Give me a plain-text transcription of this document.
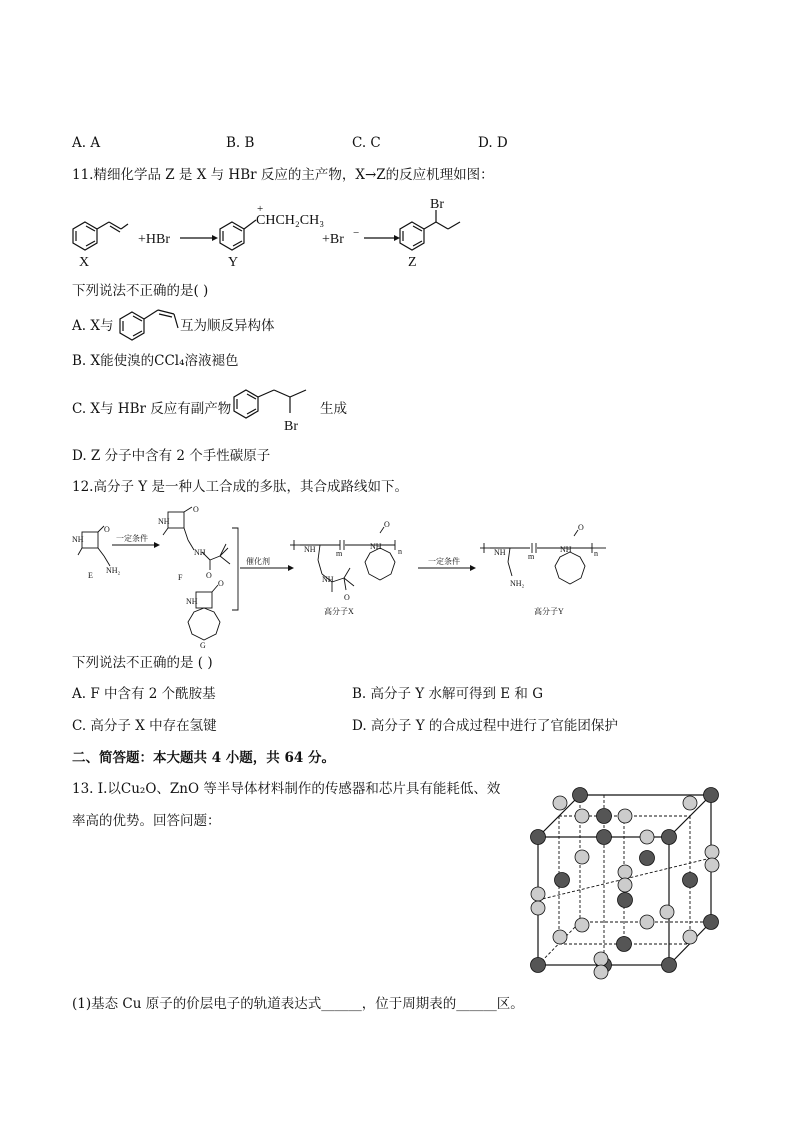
A. A	B. B	C. C	D. D
11.精细化学品 Z 是 X 与 HBr 反应的主产物，X→Z的反应机理如图：
X
+HBr
+
CHCH₂CH₃
Y
+Br −
Br
Z
下列说法不正确的是( )
A. X与	互为顺反异构体
B. X能使溴的CCl₄溶液褪色
C. X与 HBr 反应有副产物
Br
生成
D. Z 分子中含有 2 个手性碳原子
12.高分子 Y 是一种人工合成的多肽，其合成路线如下。
NH
O
NH₂
E
一定条件
NH
O
NH
O
F
NH
O
G
催化剂
NH	m
NH
O
n
NH
O
高分子X
一定条件
NH	m
NH
O
n
NH₂
高分子Y
下列说法不正确的是 ( )
A. F 中含有 2 个酰胺基	B. 高分子 Y 水解可得到 E 和 G
C. 高分子 X 中存在氢键	D. 高分子 Y 的合成过程中进行了官能团保护
二、简答题：本大题共 4 小题，共 64 分。
13. Ⅰ.以Cu₂O、ZnO 等半导体材料制作的传感器和芯片具有能耗低、效
率高的优势。回答问题：
(1)基态 Cu 原子的价层电子的轨道表达式______，位于周期表的______区。
